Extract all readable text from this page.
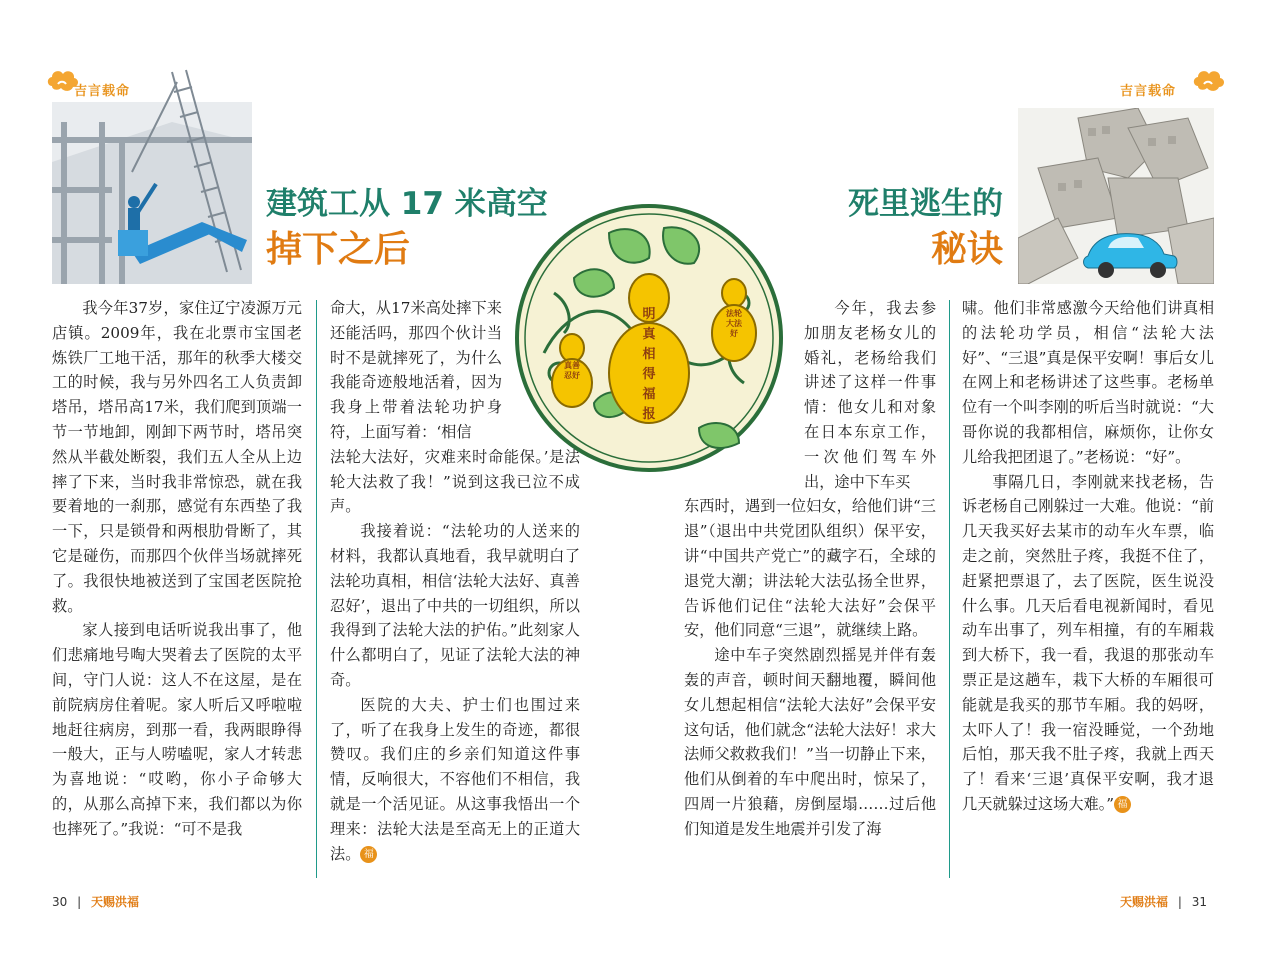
吉言载命
建筑工从 17 米高空
掉下之后

我今年37岁，家住辽宁凌源万元店镇。2009年，我在北票市宝国老炼铁厂工地干活，那年的秋季大楼交工的时候，我与另外四名工人负责卸塔吊，塔吊高17米，我们爬到顶端一节一节地卸，刚卸下两节时，塔吊突然从半截处断裂，我们五人全从上边摔了下来，当时我非常惊恐，就在我要着地的一刹那，感觉有东西垫了我一下，只是锁骨和两根肋骨断了，其它是碰伤，而那四个伙伴当场就摔死了。我很快地被送到了宝国老医院抢救。

家人接到电话听说我出事了，他们悲痛地号啕大哭着去了医院的太平间，守门人说：这人不在这屋，是在前院病房住着呢。家人听后又呼啦啦地赶往病房，到那一看，我两眼睁得一般大，正与人唠嗑呢，家人才转悲为喜地说：“哎哟，你小子命够大的，从那么高掉下来，我们都以为你也摔死了。”我说：“可不是我

命大，从17米高处摔下来还能活吗，那四个伙计当时不是就摔死了，为什么我能奇迹般地活着，因为我身上带着法轮功护身符，上面写着：‘相信

法轮大法好，灾难来时命能保。’是法轮大法救了我！”说到这我已泣不成声。

我接着说：“法轮功的人送来的材料，我都认真地看，我早就明白了法轮功真相，相信‘法轮大法好、真善忍好’，退出了中共的一切组织，所以我得到了法轮大法的护佑。”此刻家人什么都明白了，见证了法轮大法的神奇。

医院的大夫、护士们也围过来了，听了在我身上发生的奇迹，都很赞叹。我们庄的乡亲们知道这件事情，反响很大，不容他们不相信，我就是一个活见证。从这事我悟出一个理来：法轮大法是至高无上的正道大法。 福

明真相得福报
真善忍好
法轮大法好
吉言载命
死里逃生的
秘诀

今年，我去参加朋友老杨女儿的婚礼，老杨给我们讲述了这样一件事情：他女儿和对象在日本东京工作，一次他们驾车外出，途中下车买

东西时，遇到一位妇女，给他们讲“三退”（退出中共党团队组织）保平安，讲“中国共产党亡”的藏字石，全球的退党大潮；讲法轮大法弘扬全世界，告诉他们记住“法轮大法好”会保平安，他们同意“三退”，就继续上路。

途中车子突然剧烈摇晃并伴有轰轰的声音，顿时间天翻地覆，瞬间他女儿想起相信“法轮大法好”会保平安这句话，他们就念“法轮大法好！求大法师父救救我们！”当一切静止下来，他们从倒着的车中爬出时，惊呆了，四周一片狼藉，房倒屋塌……过后他们知道是发生地震并引发了海

啸。他们非常感激今天给他们讲真相的法轮功学员，相信“法轮大法好”、“三退”真是保平安啊！事后女儿在网上和老杨讲述了这些事。老杨单位有一个叫李刚的听后当时就说：“大哥你说的我都相信，麻烦你，让你女儿给我把团退了。”老杨说：“好”。

事隔几日，李刚就来找老杨，告诉老杨自己刚躲过一大难。他说：“前几天我买好去某市的动车火车票，临走之前，突然肚子疼，我挺不住了，赶紧把票退了，去了医院，医生说没什么事。几天后看电视新闻时，看见动车出事了，列车相撞，有的车厢栽到大桥下，我一看，我退的那张动车票正是这趟车，栽下大桥的车厢很可能就是我买的那节车厢。我的妈呀，太吓人了！我一宿没睡觉，一个劲地后怕，那天我不肚子疼，我就上西天了！看来‘三退’真保平安啊，我才退几天就躲过这场大难。” 福

30 | 天赐洪福	天赐洪福 | 31
